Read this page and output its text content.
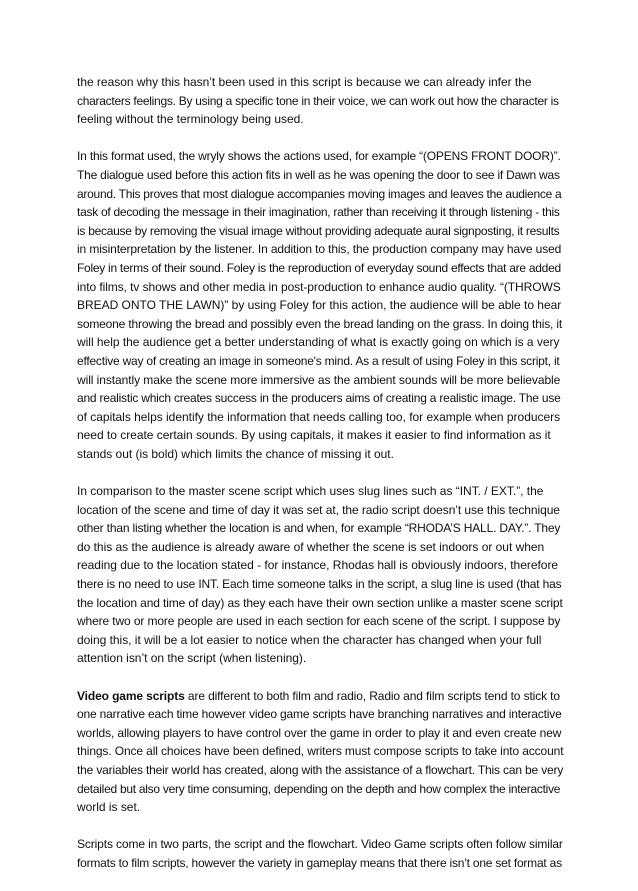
the reason why this hasn’t been used in this script is because we can already infer the
characters feelings. By using a specific tone in their voice, we can work out how the character is
feeling without the terminology being used.

In this format used, the wryly shows the actions used, for example “(OPENS FRONT DOOR)”.
The dialogue used before this action fits in well as he was opening the door to see if Dawn was
around. This proves that most dialogue accompanies moving images and leaves the audience a
task of decoding the message in their imagination, rather than receiving it through listening - this
is because by removing the visual image without providing adequate aural signposting, it results
in misinterpretation by the listener. In addition to this, the production company may have used
Foley in terms of their sound. Foley is the reproduction of everyday sound effects that are added
into films, tv shows and other media in post-production to enhance audio quality. “(THROWS
BREAD ONTO THE LAWN)” by using Foley for this action, the audience will be able to hear
someone throwing the bread and possibly even the bread landing on the grass. In doing this, it
will help the audience get a better understanding of what is exactly going on which is a very
effective way of creating an image in someone's mind. As a result of using Foley in this script, it
will instantly make the scene more immersive as the ambient sounds will be more believable
and realistic which creates success in the producers aims of creating a realistic image. The use
of capitals helps identify the information that needs calling too, for example when producers
need to create certain sounds. By using capitals, it makes it easier to find information as it
stands out (is bold) which limits the chance of missing it out.

In comparison to the master scene script which uses slug lines such as “INT. / EXT.”, the
location of the scene and time of day it was set at, the radio script doesn’t use this technique
other than listing whether the location is and when, for example “RHODA’S HALL. DAY.”. They
do this as the audience is already aware of whether the scene is set indoors or out when
reading due to the location stated - for instance, Rhodas hall is obviously indoors, therefore
there is no need to use INT. Each time someone talks in the script, a slug line is used (that has
the location and time of day) as they each have their own section unlike a master scene script
where two or more people are used in each section for each scene of the script. I suppose by
doing this, it will be a lot easier to notice when the character has changed when your full
attention isn’t on the script (when listening).

Video game scripts are different to both film and radio, Radio and film scripts tend to stick to
one narrative each time however video game scripts have branching narratives and interactive
worlds, allowing players to have control over the game in order to play it and even create new
things. Once all choices have been defined, writers must compose scripts to take into account
the variables their world has created, along with the assistance of a flowchart. This can be very
detailed but also very time consuming, depending on the depth and how complex the interactive
world is set.

Scripts come in two parts, the script and the flowchart. Video Game scripts often follow similar
formats to film scripts, however the variety in gameplay means that there isn’t one set format as
